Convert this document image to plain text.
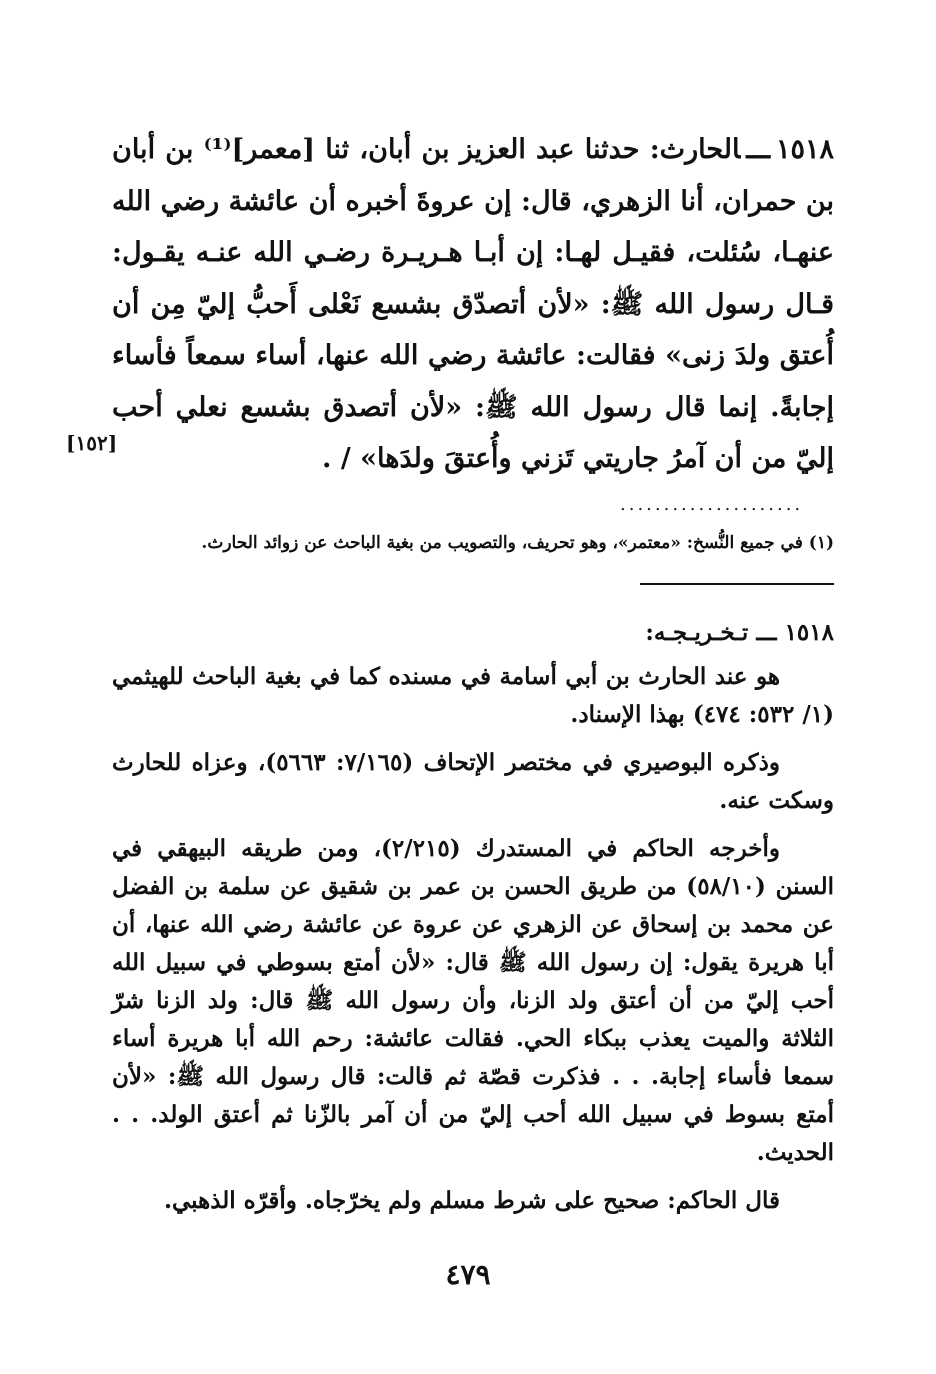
١٥١٨ـــالحارث: حدثنا عبد العزيز بن أبان، ثنا [معمر]⁽¹⁾ بن أبان بن حمران، أنا الزهري، قال: إن عروةَ أخبره أن عائشة رضي الله عنهـا، سُئلت، فقيـل لهـا: إن أبـا هـريـرة رضـي الله عنـه يقـول: قـال رسول الله ﷺ: «لأن أتصدّق بشسع نَعْلى أَحبُّ إليّ مِن أن أُعتق ولدَ زنى» فقالت: عائشة رضي الله عنها، أساء سمعاً فأساء إجابةً. إنما قال رسول الله ﷺ: «لأن أتصدق بشسع نعلي أحب إليّ من أن آمرُ جاريتي تَزني وأُعتقَ ولدَها» / .

[١٥٢]
.....................
(١) في جميع النُّسخ: «معتمر»، وهو تحريف، والتصويب من بغية الباحث عن زوائد الحارث.

١٥١٨ ـــ تـخـريـجـه:

هو عند الحارث بن أبي أسامة في مسنده كما في بغية الباحث للهيثمي (١/ ٥٣٢: ٤٧٤) بهذا الإسناد.

وذكره البوصيري في مختصر الإتحاف (٧/١٦٥: ٥٦٦٣)، وعزاه للحارث وسكت عنه.

وأخرجه الحاكم في المستدرك (٢/٢١٥)، ومن طريقه البيهقي في السنن (٥٨/١٠) من طريق الحسن بن عمر بن شقيق عن سلمة بن الفضل عن محمد بن إسحاق عن الزهري عن عروة عن عائشة رضي الله عنها، أن أبا هريرة يقول: إن رسول الله ﷺ قال: «لأن أمتع بسوطي في سبيل الله أحب إليّ من أن أعتق ولد الزنا، وأن رسول الله ﷺ قال: ولد الزنا شرّ الثلاثة والميت يعذب ببكاء الحي. فقالت عائشة: رحم الله أبا هريرة أساء سمعا فأساء إجابة. . . فذكرت قصّة ثم قالت: قال رسول الله ﷺ: «لأن أمتع بسوط في سبيل الله أحب إليّ من أن آمر بالزّنا ثم أعتق الولد. . . الحديث.

قال الحاكم: صحيح على شرط مسلم ولم يخرّجاه. وأقرّه الذهبي.

٤٧٩
